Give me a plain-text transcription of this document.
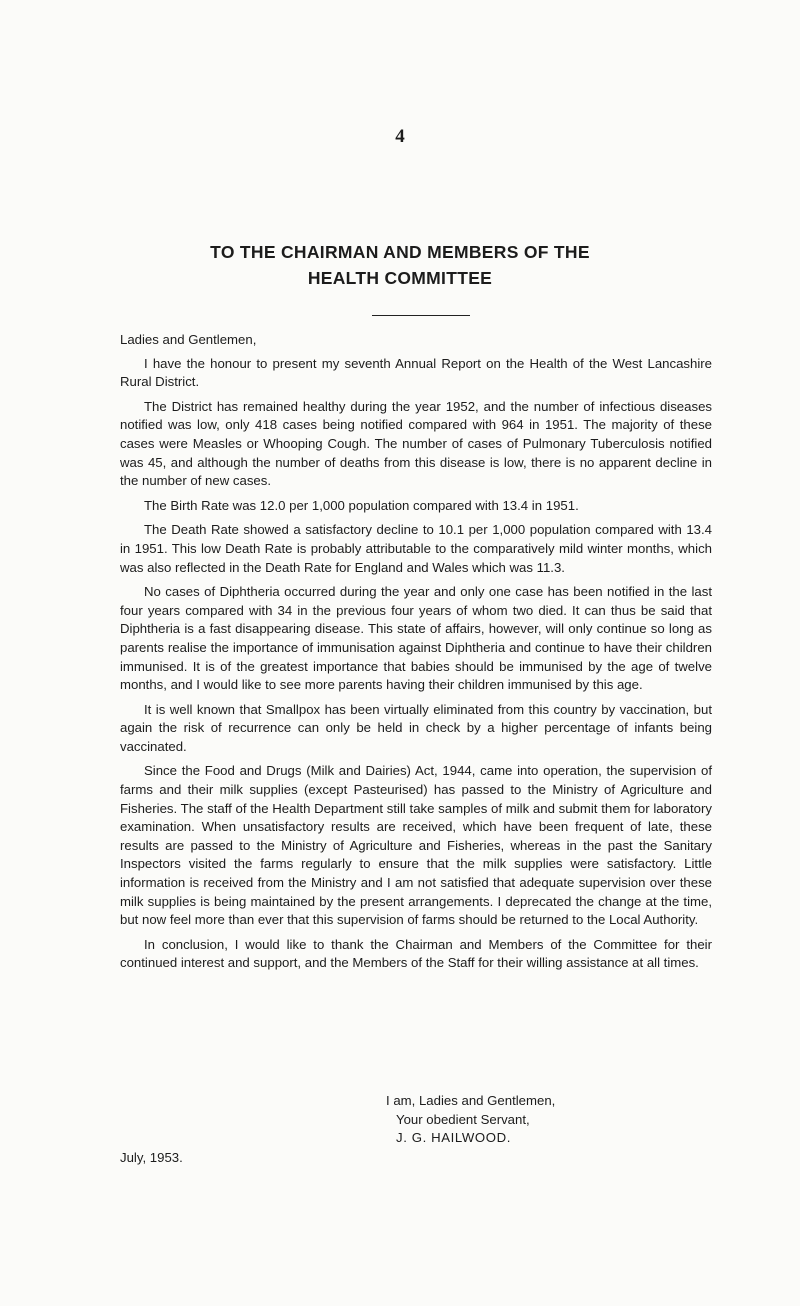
4
TO THE CHAIRMAN AND MEMBERS OF THE
HEALTH COMMITTEE

Ladies and Gentlemen,

I have the honour to present my seventh Annual Report on the Health of the West Lancashire Rural District.

The District has remained healthy during the year 1952, and the number of infectious diseases notified was low, only 418 cases being notified compared with 964 in 1951. The majority of these cases were Measles or Whooping Cough. The number of cases of Pulmonary Tuberculosis notified was 45, and although the number of deaths from this disease is low, there is no apparent decline in the number of new cases.

The Birth Rate was 12.0 per 1,000 population compared with 13.4 in 1951.

The Death Rate showed a satisfactory decline to 10.1 per 1,000 population compared with 13.4 in 1951. This low Death Rate is probably attributable to the comparatively mild winter months, which was also reflected in the Death Rate for England and Wales which was 11.3.

No cases of Diphtheria occurred during the year and only one case has been notified in the last four years compared with 34 in the previous four years of whom two died. It can thus be said that Diphtheria is a fast disappearing disease. This state of affairs, however, will only continue so long as parents realise the importance of immunisation against Diphtheria and continue to have their children immunised. It is of the greatest importance that babies should be immunised by the age of twelve months, and I would like to see more parents having their children immunised by this age.

It is well known that Smallpox has been virtually eliminated from this country by vaccination, but again the risk of recurrence can only be held in check by a higher percentage of infants being vaccinated.

Since the Food and Drugs (Milk and Dairies) Act, 1944, came into operation, the supervision of farms and their milk supplies (except Pasteurised) has passed to the Ministry of Agriculture and Fisheries. The staff of the Health Department still take samples of milk and submit them for laboratory examination. When unsatisfactory results are received, which have been frequent of late, these results are passed to the Ministry of Agriculture and Fisheries, whereas in the past the Sanitary Inspectors visited the farms regularly to ensure that the milk supplies were satisfactory. Little information is received from the Ministry and I am not satisfied that adequate supervision over these milk supplies is being maintained by the present arrangements. I deprecated the change at the time, but now feel more than ever that this supervision of farms should be returned to the Local Authority.

In conclusion, I would like to thank the Chairman and Members of the Committee for their continued interest and support, and the Members of the Staff for their willing assistance at all times.

I am, Ladies and Gentlemen,
Your obedient Servant,
J. G. HAILWOOD.
July, 1953.
